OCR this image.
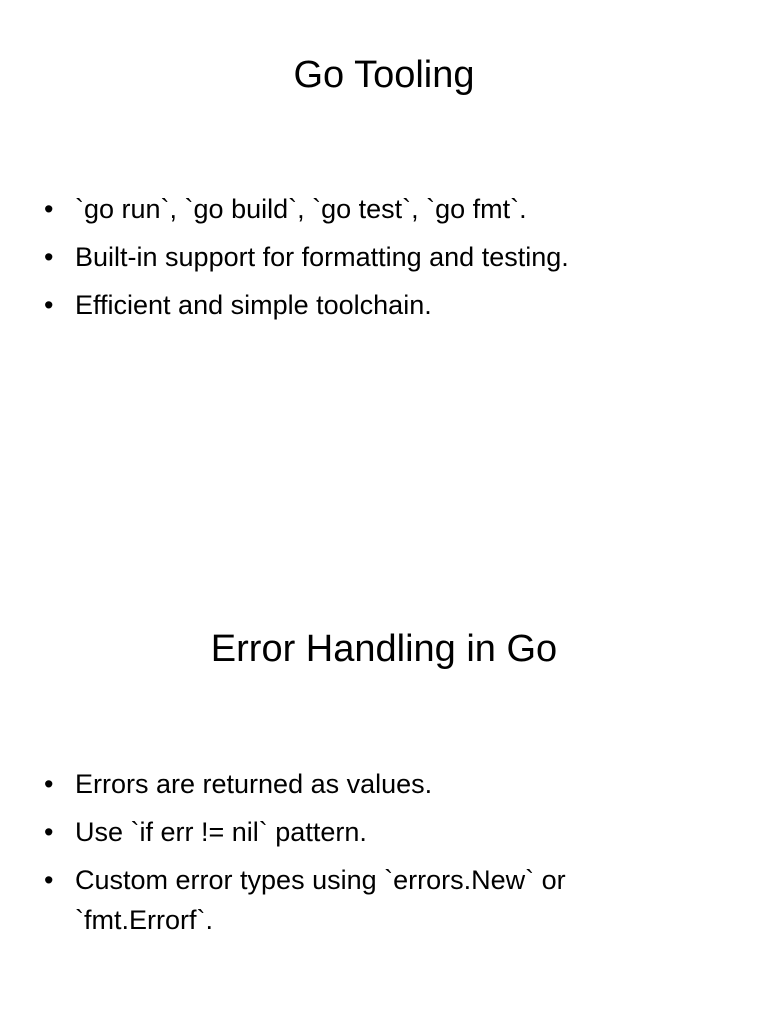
Go Tooling
• `go run`, `go build`, `go test`, `go fmt`.
• Built-in support for formatting and testing.
• Efficient and simple toolchain.
Error Handling in Go
• Errors are returned as values.
• Use `if err != nil` pattern.
• Custom error types using `errors.New` or `fmt.Errorf`.
